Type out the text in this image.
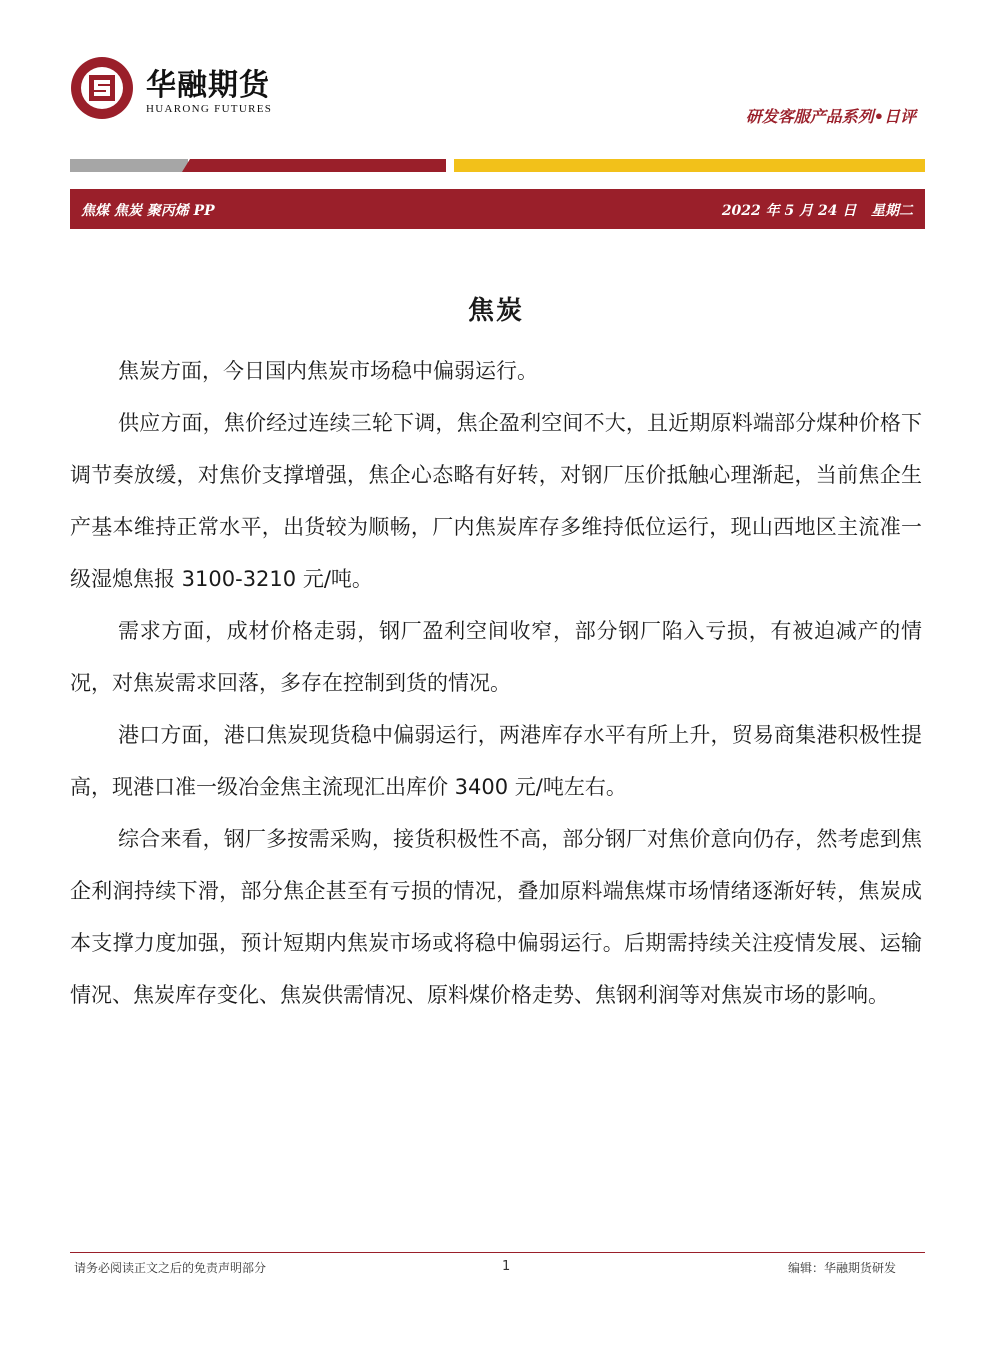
华融期货
HUARONG FUTURES	研发客服产品系列•日评
焦煤 焦炭 聚丙烯 PP	2022 年 5 月 24 日   星期二
焦炭

焦炭方面，今日国内焦炭市场稳中偏弱运行。

供应方面，焦价经过连续三轮下调，焦企盈利空间不大，且近期原料端部分煤种价格下调节奏放缓，对焦价支撑增强，焦企心态略有好转，对钢厂压价抵触心理渐起，当前焦企生产基本维持正常水平，出货较为顺畅，厂内焦炭库存多维持低位运行，现山西地区主流准一级湿熄焦报 3100-3210 元/吨。

需求方面，成材价格走弱，钢厂盈利空间收窄，部分钢厂陷入亏损，有被迫减产的情况，对焦炭需求回落，多存在控制到货的情况。

港口方面，港口焦炭现货稳中偏弱运行，两港库存水平有所上升，贸易商集港积极性提高，现港口准一级冶金焦主流现汇出库价 3400 元/吨左右。

综合来看，钢厂多按需采购，接货积极性不高，部分钢厂对焦价意向仍存，然考虑到焦企利润持续下滑，部分焦企甚至有亏损的情况，叠加原料端焦煤市场情绪逐渐好转，焦炭成本支撑力度加强，预计短期内焦炭市场或将稳中偏弱运行。后期需持续关注疫情发展、运输情况、焦炭库存变化、焦炭供需情况、原料煤价格走势、焦钢利润等对焦炭市场的影响。

请务必阅读正文之后的免责声明部分	1	编辑：华融期货研发
